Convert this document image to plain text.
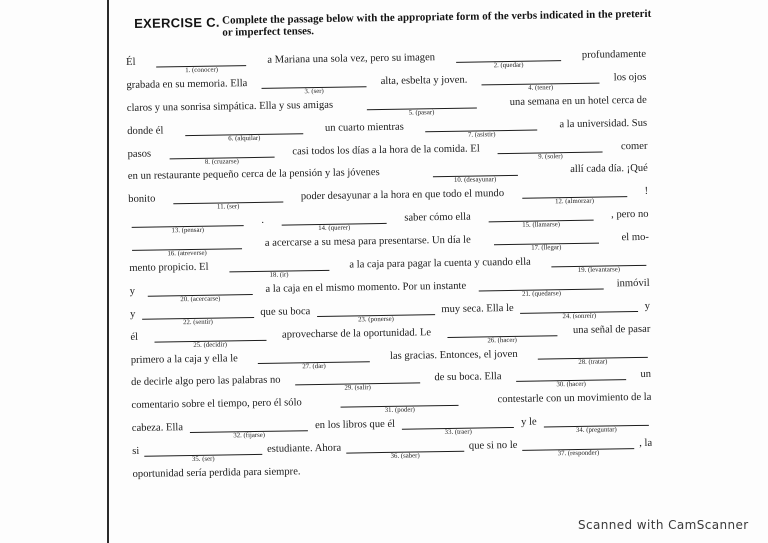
EXERCISE C. Complete the passage below with the appropriate form of the verbs indicated in the preterit or imperfect tenses.
Él
1. (conocer)
a Mariana una sola vez, pero su imagen	2. (quedar)
profundamente
grabada en su memoria. Ella
3. (ser)
alta, esbelta y joven.
4. (tener)
los ojos
claros y una sonrisa simpática. Ella y sus amigas	5. (pasar)
una semana en un hotel cerca de
donde él
6. (alquilar)
un cuarto mientras
7. (asistir)
a la universidad. Sus
pasos
8. (cruzarse)
casi todos los días a la hora de la comida. El	9. (soler)
comer
en un restaurante pequeño cerca de la pensión y las jóvenes	10. (desayunar)
allí cada día. ¡Qué
bonito
11. (ser)
poder desayunar a la hora en que todo el mundo	12. (almorzar)
!
13. (pensar)
.
14. (querer)
saber cómo ella
15. (llamarse)
, pero no
16. (atreverse)
a acercarse a su mesa para presentarse. Un día le	17. (llegar)
el mo-
mento propicio. El
18. (ir)
a la caja para pagar la cuenta y cuando ella	19. (levantarse)
y
20. (acercarse)
a la caja en el mismo momento. Por un instante	21. (quedarse)
inmóvil
y
22. (sentir)
que su boca
23. (ponerse)
muy seca. Ella le
24. (sonreír)
y
él
25. (decidir)
aprovecharse de la oportunidad. Le
26. (hacer)
una señal de pasar
primero a la caja y ella le
27. (dar)
las gracias. Entonces, el joven
28. (tratar)
de decirle algo pero las palabras no	29. (salir)
de su boca. Ella
30. (hacer)
un
comentario sobre el tiempo, pero él sólo	31. (poder)
contestarle con un movimiento de la
cabeza. Ella
32. (fijarse)
en los libros que él
33. (traer)
y le
34. (preguntar)
si
35. (ser)
estudiante. Ahora
36. (saber)
que si no le
37. (responder)
, la
oportunidad sería perdida para siempre.
Scanned with CamScanner
